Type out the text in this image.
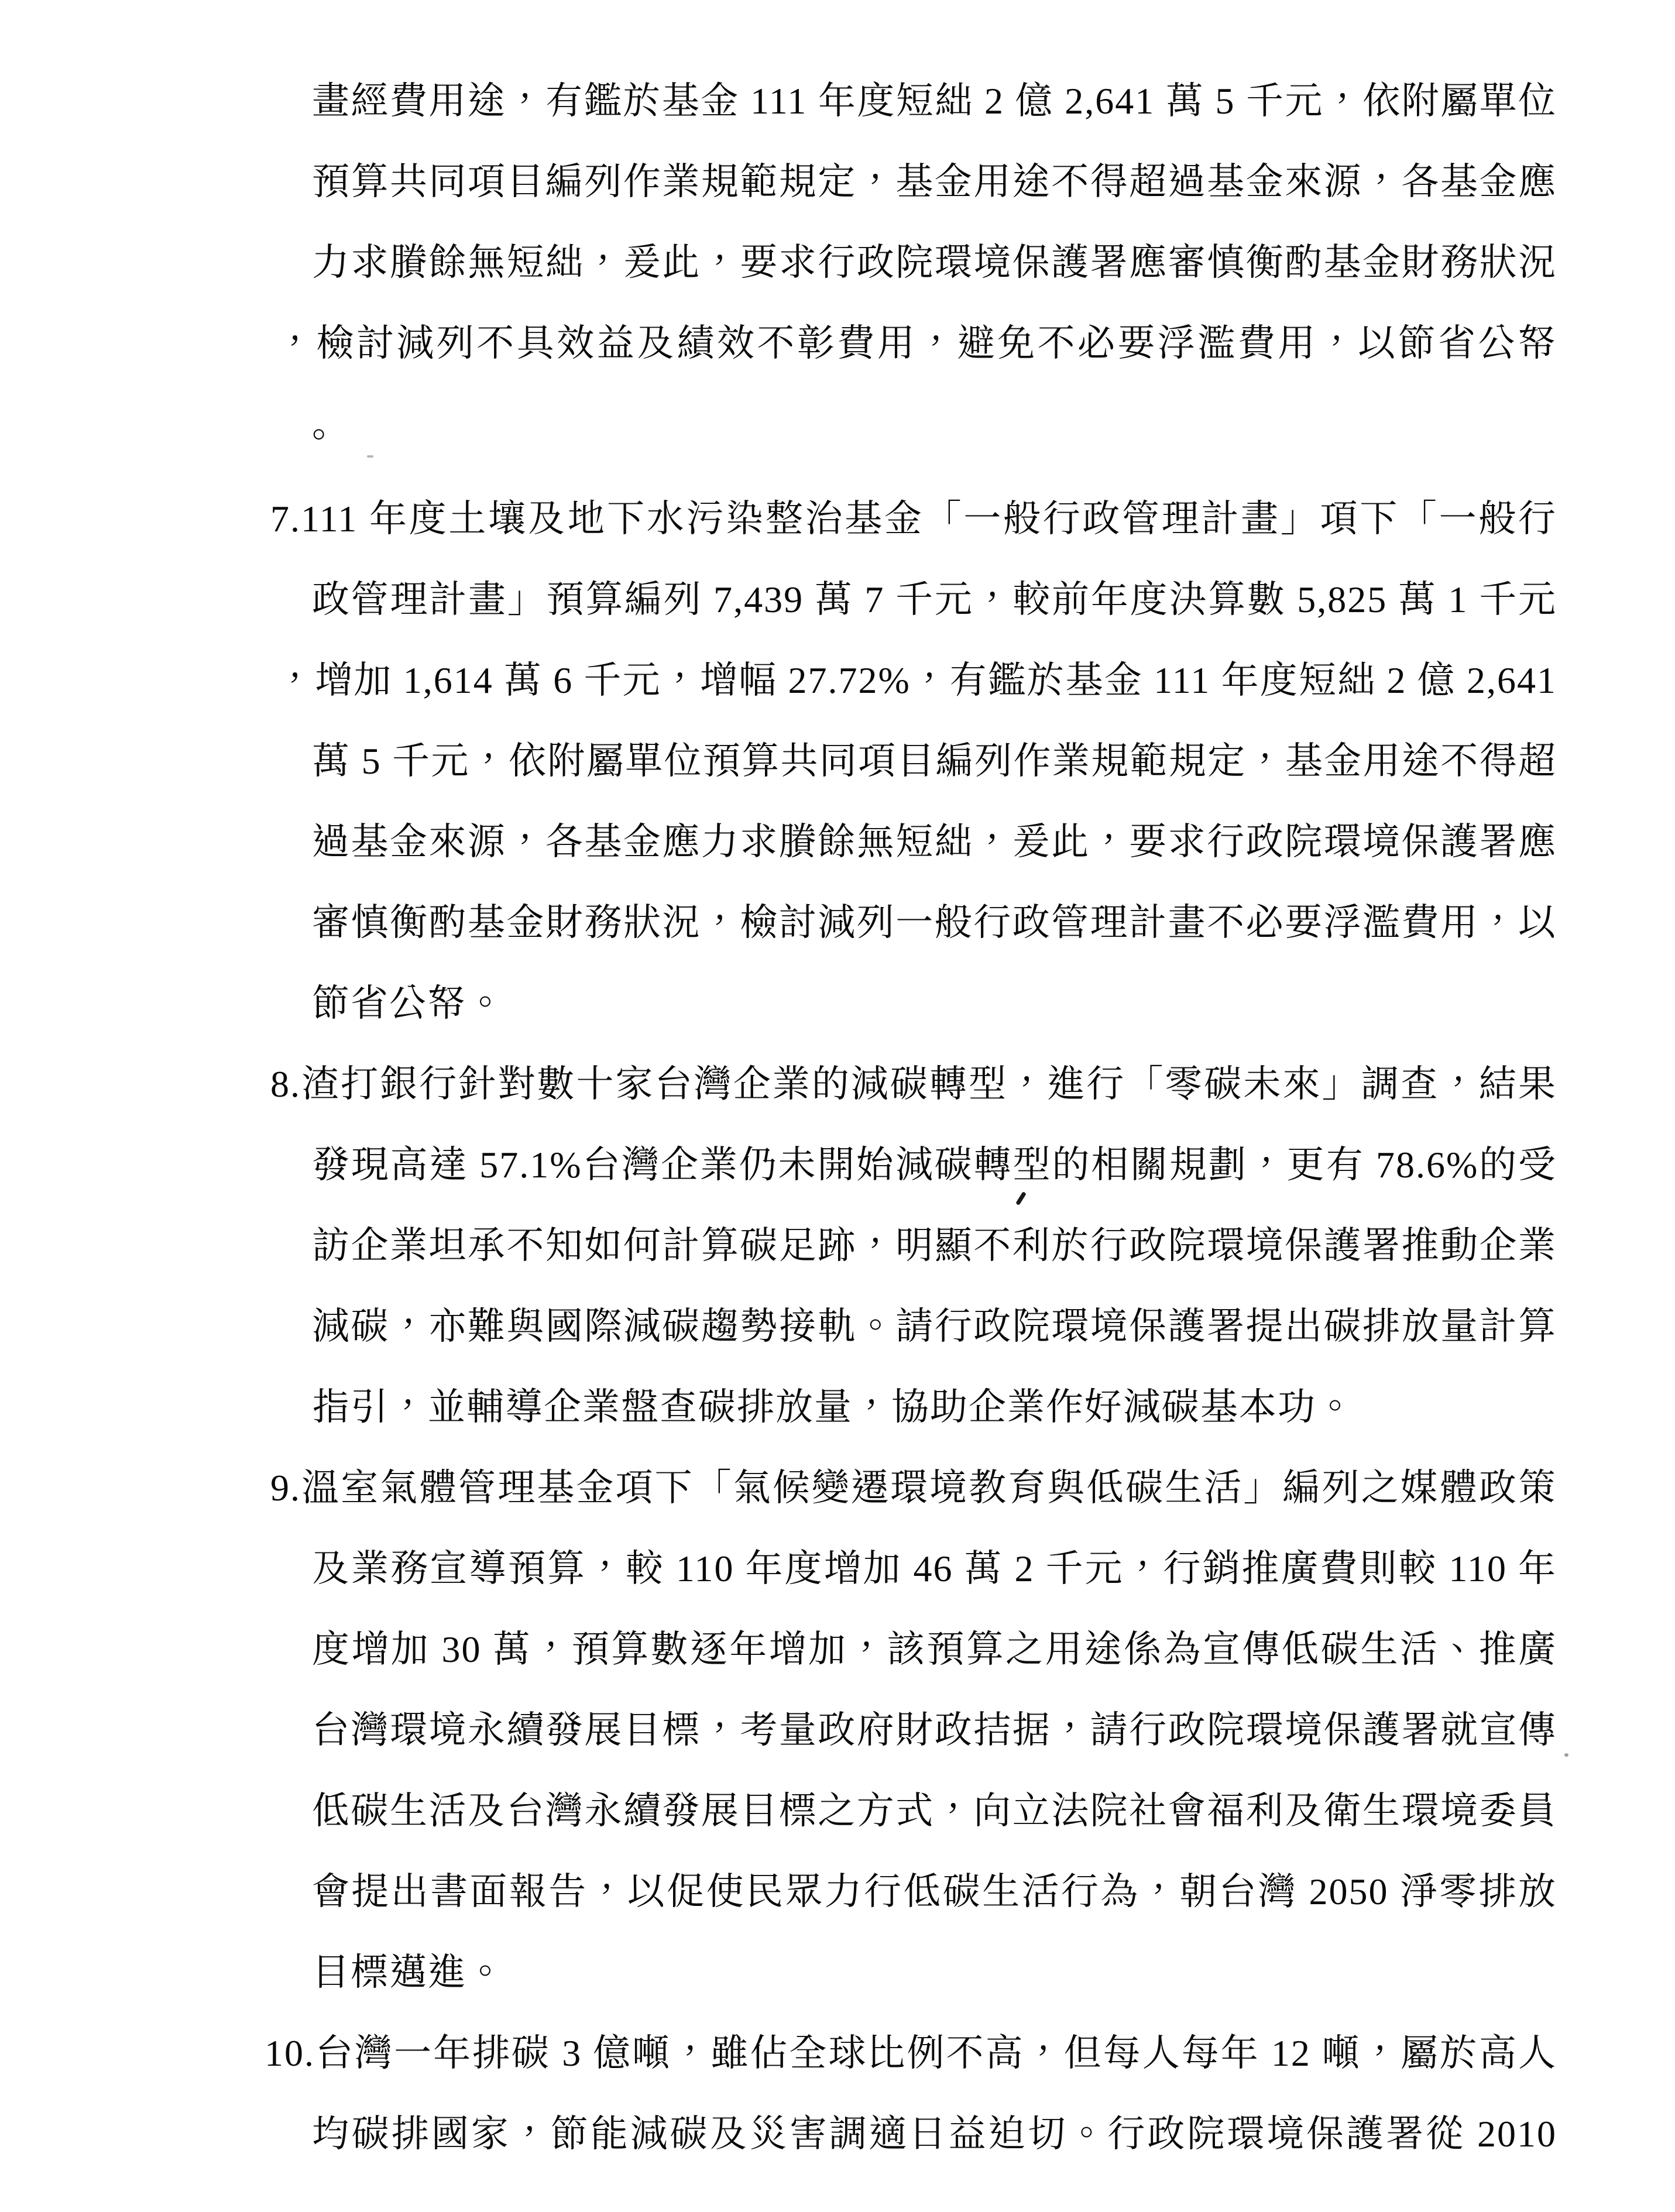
畫經費用途，有鑑於基金 111 年度短絀 2 億 2,641 萬 5 千元，依附屬單位
預算共同項目編列作業規範規定，基金用途不得超過基金來源，各基金應
力求賸餘無短絀，爰此，要求行政院環境保護署應審慎衡酌基金財務狀況
，檢討減列不具效益及績效不彰費用，避免不必要浮濫費用，以節省公帑
。
7.111 年度土壤及地下水污染整治基金「一般行政管理計畫」項下「一般行
政管理計畫」預算編列 7,439 萬 7 千元，較前年度決算數 5,825 萬 1 千元
，增加 1,614 萬 6 千元，增幅 27.72%，有鑑於基金 111 年度短絀 2 億 2,641
萬 5 千元，依附屬單位預算共同項目編列作業規範規定，基金用途不得超
過基金來源，各基金應力求賸餘無短絀，爰此，要求行政院環境保護署應
審慎衡酌基金財務狀況，檢討減列一般行政管理計畫不必要浮濫費用，以
節省公帑。
8.渣打銀行針對數十家台灣企業的減碳轉型，進行「零碳未來」調查，結果
發現高達 57.1%台灣企業仍未開始減碳轉型的相關規劃，更有 78.6%的受
訪企業坦承不知如何計算碳足跡，明顯不利於行政院環境保護署推動企業
減碳，亦難與國際減碳趨勢接軌。請行政院環境保護署提出碳排放量計算
指引，並輔導企業盤查碳排放量，協助企業作好減碳基本功。
9.溫室氣體管理基金項下「氣候變遷環境教育與低碳生活」編列之媒體政策
及業務宣導預算，較 110 年度增加 46 萬 2 千元，行銷推廣費則較 110 年
度增加 30 萬，預算數逐年增加，該預算之用途係為宣傳低碳生活、推廣
台灣環境永續發展目標，考量政府財政拮据，請行政院環境保護署就宣傳
低碳生活及台灣永續發展目標之方式，向立法院社會福利及衛生環境委員
會提出書面報告，以促使民眾力行低碳生活行為，朝台灣 2050 淨零排放
目標邁進。
10.台灣一年排碳 3 億噸，雖佔全球比例不高，但每人每年 12 噸，屬於高人
均碳排國家，節能減碳及災害調適日益迫切。行政院環境保護署從 2010
